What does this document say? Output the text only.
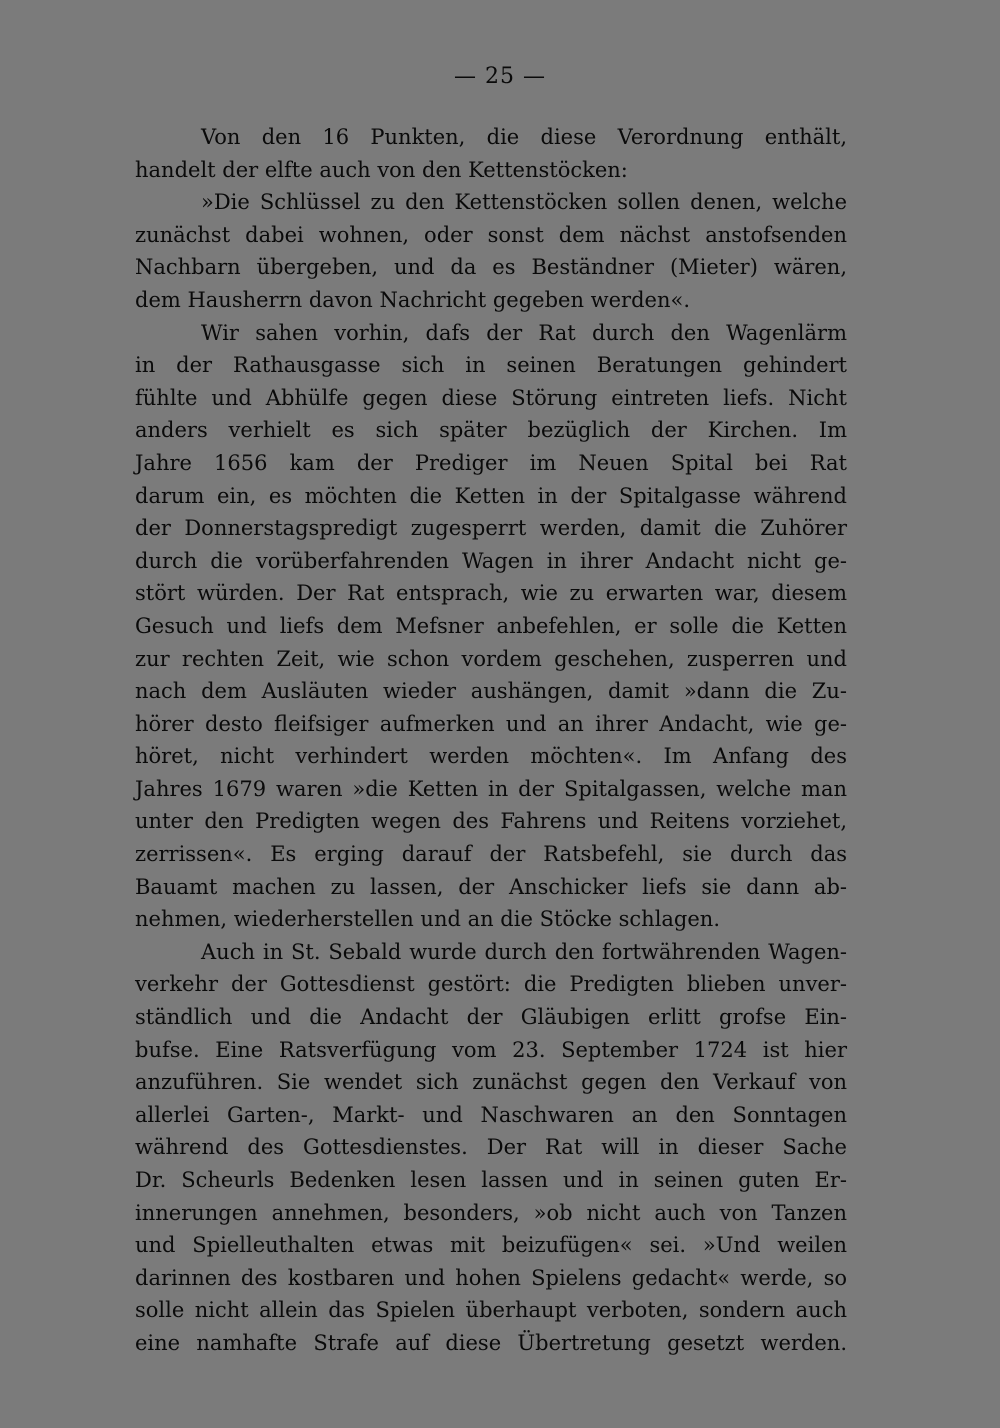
— 25 —
Von den 16 Punkten, die diese Verordnung enthält,
handelt der elfte auch von den Kettenstöcken:
»Die Schlüssel zu den Kettenstöcken sollen denen, welche
zunächst dabei wohnen, oder sonst dem nächst anstofsenden
Nachbarn übergeben, und da es Beständner (Mieter) wären,
dem Hausherrn davon Nachricht gegeben werden«.
Wir sahen vorhin, dafs der Rat durch den Wagenlärm
in der Rathausgasse sich in seinen Beratungen gehindert
fühlte und Abhülfe gegen diese Störung eintreten liefs. Nicht
anders verhielt es sich später bezüglich der Kirchen. Im
Jahre 1656 kam der Prediger im Neuen Spital bei Rat
darum ein, es möchten die Ketten in der Spitalgasse während
der Donnerstagspredigt zugesperrt werden, damit die Zuhörer
durch die vorüberfahrenden Wagen in ihrer Andacht nicht ge-
stört würden. Der Rat entsprach, wie zu erwarten war, diesem
Gesuch und liefs dem Mefsner anbefehlen, er solle die Ketten
zur rechten Zeit, wie schon vordem geschehen, zusperren und
nach dem Ausläuten wieder aushängen, damit »dann die Zu-
hörer desto fleifsiger aufmerken und an ihrer Andacht, wie ge-
höret, nicht verhindert werden möchten«. Im Anfang des
Jahres 1679 waren »die Ketten in der Spitalgassen, welche man
unter den Predigten wegen des Fahrens und Reitens vorziehet,
zerrissen«. Es erging darauf der Ratsbefehl, sie durch das
Bauamt machen zu lassen, der Anschicker liefs sie dann ab-
nehmen, wiederherstellen und an die Stöcke schlagen.
Auch in St. Sebald wurde durch den fortwährenden Wagen-
verkehr der Gottesdienst gestört: die Predigten blieben unver-
ständlich und die Andacht der Gläubigen erlitt grofse Ein-
bufse. Eine Ratsverfügung vom 23. September 1724 ist hier
anzuführen. Sie wendet sich zunächst gegen den Verkauf von
allerlei Garten-, Markt- und Naschwaren an den Sonntagen
während des Gottesdienstes. Der Rat will in dieser Sache
Dr. Scheurls Bedenken lesen lassen und in seinen guten Er-
innerungen annehmen, besonders, »ob nicht auch von Tanzen
und Spielleuthalten etwas mit beizufügen« sei. »Und weilen
darinnen des kostbaren und hohen Spielens gedacht« werde, so
solle nicht allein das Spielen überhaupt verboten, sondern auch
eine namhafte Strafe auf diese Übertretung gesetzt werden.
